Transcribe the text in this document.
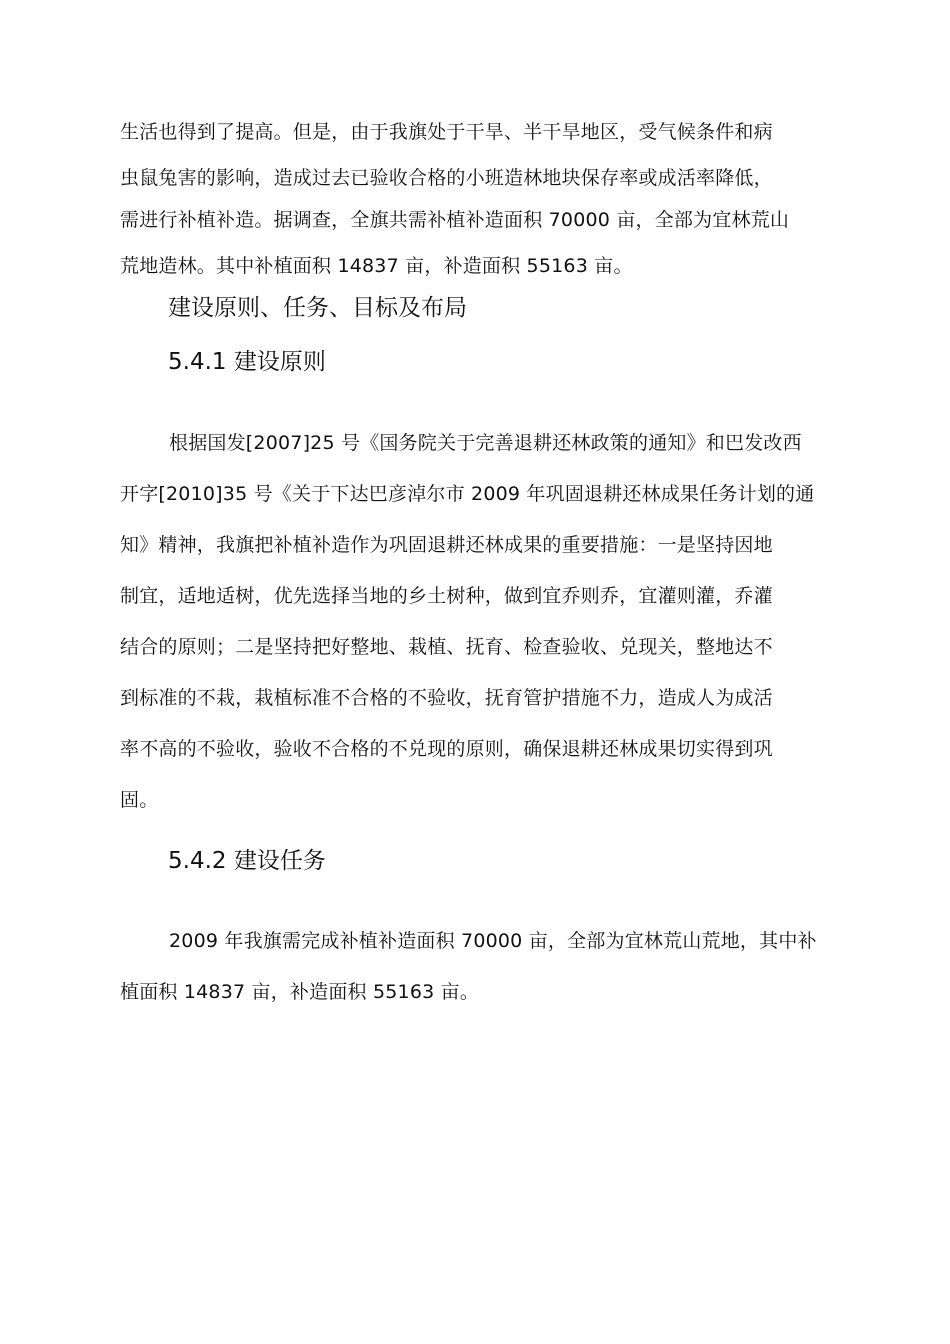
生活也得到了提高。但是，由于我旗处于干旱、半干旱地区，受气候条件和病
虫鼠兔害的影响，造成过去已验收合格的小班造林地块保存率或成活率降低，
需进行补植补造。据调查，全旗共需补植补造面积 70000 亩，全部为宜林荒山
荒地造林。其中补植面积 14837 亩，补造面积 55163 亩。
建设原则、任务、目标及布局
5.4.1 建设原则
根据国发[2007]25 号《国务院关于完善退耕还林政策的通知》和巴发改西
开字[2010]35 号《关于下达巴彦淖尔市 2009 年巩固退耕还林成果任务计划的通
知》精神，我旗把补植补造作为巩固退耕还林成果的重要措施：一是坚持因地
制宜，适地适树，优先选择当地的乡土树种，做到宜乔则乔，宜灌则灌，乔灌
结合的原则；二是坚持把好整地、栽植、抚育、检查验收、兑现关，整地达不
到标准的不栽，栽植标准不合格的不验收，抚育管护措施不力，造成人为成活
率不高的不验收，验收不合格的不兑现的原则，确保退耕还林成果切实得到巩
固。
5.4.2 建设任务
2009 年我旗需完成补植补造面积 70000 亩，全部为宜林荒山荒地，其中补
植面积 14837 亩，补造面积 55163 亩。
